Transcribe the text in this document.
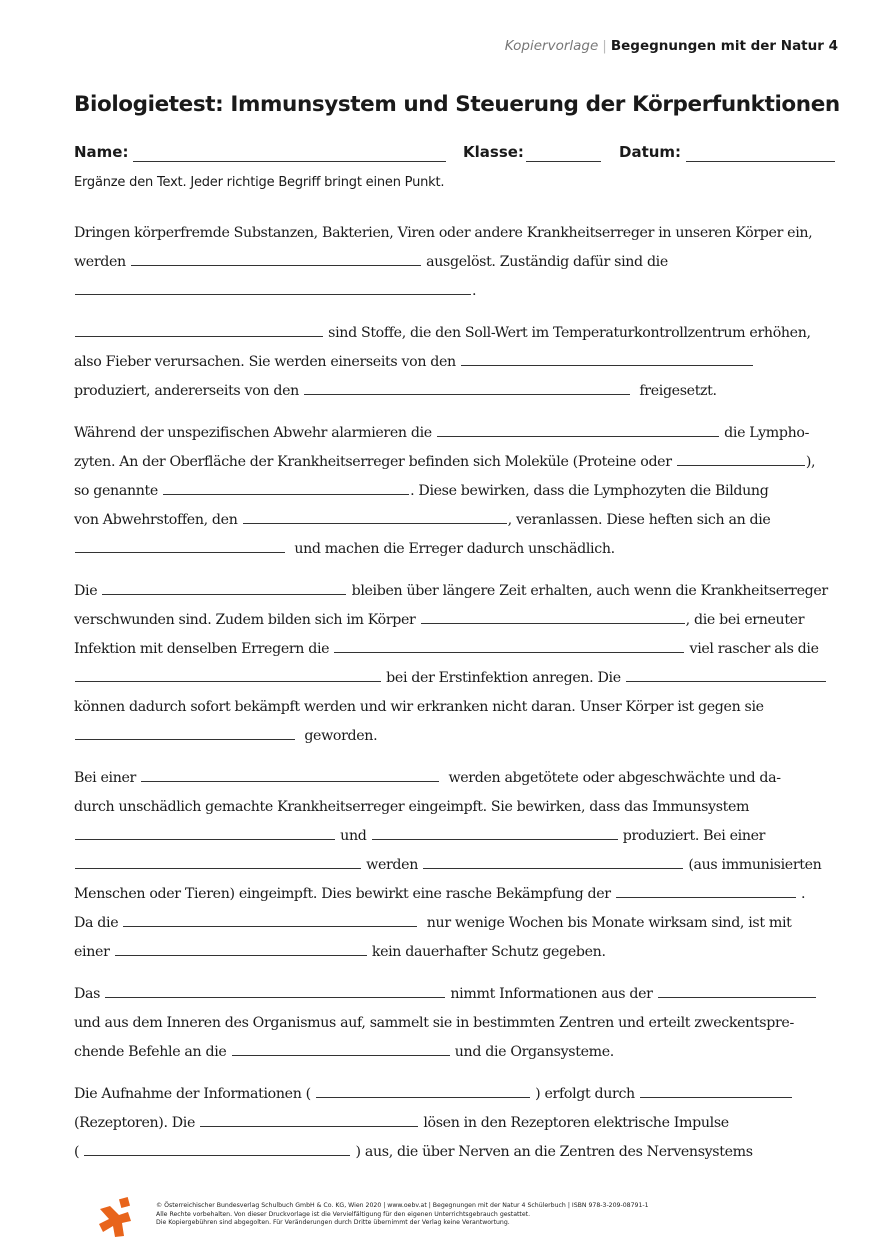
Kopiervorlage | Begegnungen mit der Natur 4
Biologietest: Immunsystem und Steuerung der Körperfunktionen
Name:	Klasse:	Datum:
Ergänze den Text. Jeder richtige Begriff bringt einen Punkt.
Dringen körperfremde Substanzen, Bakterien, Viren oder andere Krankheitserreger in unseren Körper ein,
werden	ausgelöst. Zuständig dafür sind die
.
sind Stoffe, die den Soll-Wert im Temperaturkontrollzentrum erhöhen,
also Fieber verursachen. Sie werden einerseits von den
produziert, andererseits von den	freigesetzt.
Während der unspezifischen Abwehr alarmieren die	die Lympho-
zyten. An der Oberfläche der Krankheitserreger befinden sich Moleküle (Proteine oder	),
so genannte	. Diese bewirken, dass die Lymphozyten die Bildung
von Abwehrstoffen, den	, veranlassen. Diese heften sich an die
und machen die Erreger dadurch unschädlich.
Die	bleiben über längere Zeit erhalten, auch wenn die Krankheitserreger
verschwunden sind. Zudem bilden sich im Körper	, die bei erneuter
Infektion mit denselben Erregern die	viel rascher als die
bei der Erstinfektion anregen. Die
können dadurch sofort bekämpft werden und wir erkranken nicht daran. Unser Körper ist gegen sie
geworden.
Bei einer	werden abgetötete oder abgeschwächte und da-
durch unschädlich gemachte Krankheitserreger eingeimpft. Sie bewirken, dass das Immunsystem
und	produziert. Bei einer
werden	(aus immunisierten
Menschen oder Tieren) eingeimpft. Dies bewirkt eine rasche Bekämpfung der	.
Da die	nur wenige Wochen bis Monate wirksam sind, ist mit
einer	kein dauerhafter Schutz gegeben.
Das	nimmt Informationen aus der
und aus dem Inneren des Organismus auf, sammelt sie in bestimmten Zentren und erteilt zweckentspre-
chende Befehle an die	und die Organsysteme.
Die Aufnahme der Informationen (	) erfolgt durch
(Rezeptoren). Die	lösen in den Rezeptoren elektrische Impulse
(	) aus, die über Nerven an die Zentren des Nervensystems
© Österreichischer Bundesverlag Schulbuch GmbH & Co. KG, Wien 2020 | www.oebv.at | Begegnungen mit der Natur 4 Schülerbuch | ISBN 978-3-209-08791-1
Alle Rechte vorbehalten. Von dieser Druckvorlage ist die Vervielfältigung für den eigenen Unterrichtsgebrauch gestattet.
Die Kopiergebühren sind abgegolten. Für Veränderungen durch Dritte übernimmt der Verlag keine Verantwortung.
